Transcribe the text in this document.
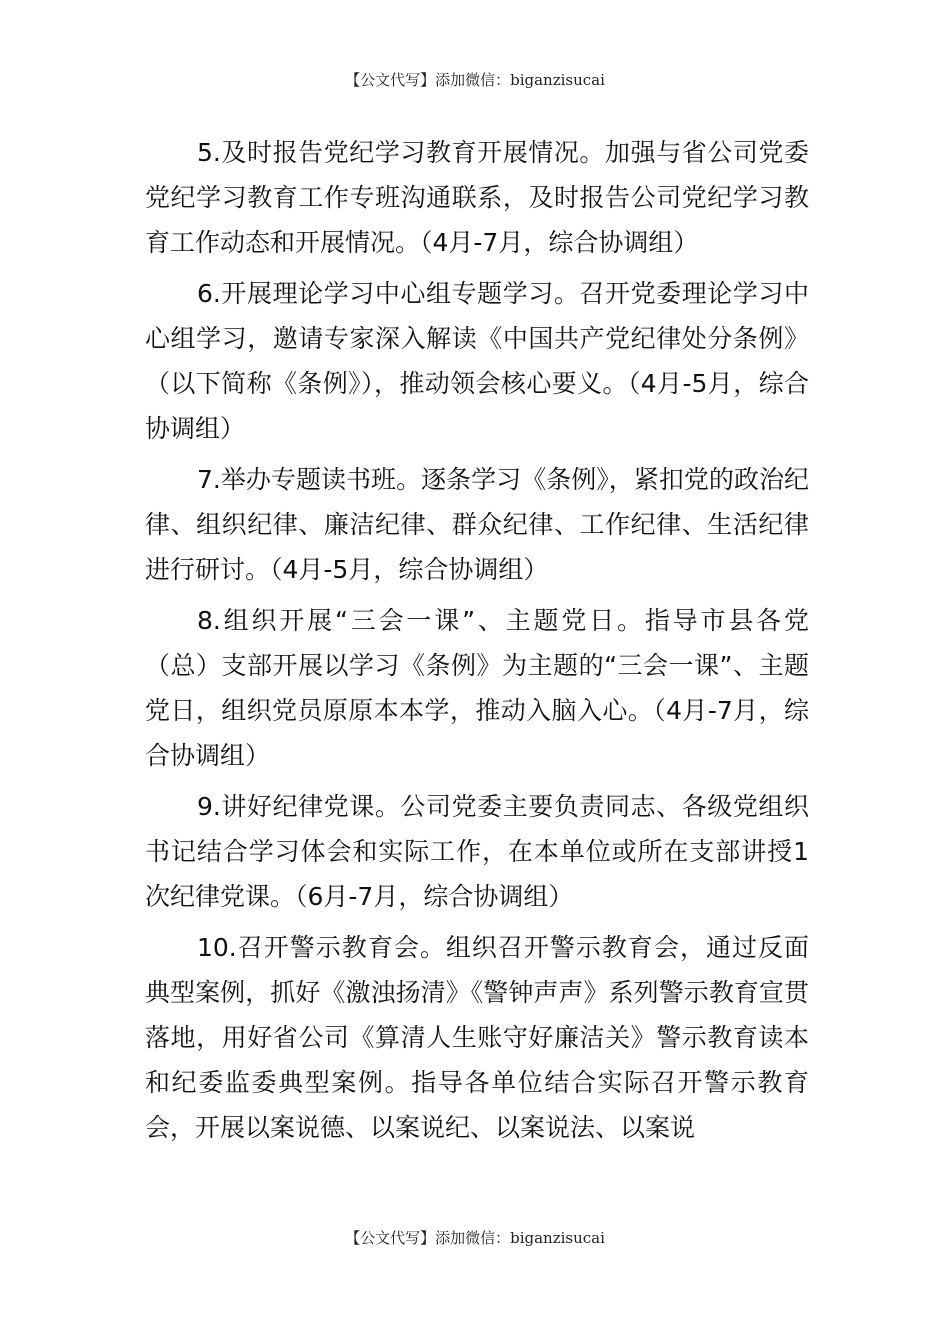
【公文代写】添加微信：biganzisucai

5.及时报告党纪学习教育开展情况。加强与省公司党委党纪学习教育工作专班沟通联系，及时报告公司党纪学习教育工作动态和开展情况。（4月-7月，综合协调组）

6.开展理论学习中心组专题学习。召开党委理论学习中心组学习，邀请专家深入解读《中国共产党纪律处分条例》（以下简称《条例》），推动领会核心要义。（4月-5月，综合协调组）

7.举办专题读书班。逐条学习《条例》，紧扣党的政治纪律、组织纪律、廉洁纪律、群众纪律、工作纪律、生活纪律进行研讨。（4月-5月，综合协调组）

8.组织开展“三会一课”、主题党日。指导市县各党（总）支部开展以学习《条例》为主题的“三会一课”、主题党日，组织党员原原本本学，推动入脑入心。（4月-7月，综合协调组）

9.讲好纪律党课。公司党委主要负责同志、各级党组织书记结合学习体会和实际工作，在本单位或所在支部讲授1次纪律党课。（6月-7月，综合协调组）

10.召开警示教育会。组织召开警示教育会，通过反面典型案例，抓好《激浊扬清》《警钟声声》系列警示教育宣贯落地，用好省公司《算清人生账守好廉洁关》警示教育读本和纪委监委典型案例。指导各单位结合实际召开警示教育会，开展以案说德、以案说纪、以案说法、以案说

【公文代写】添加微信：biganzisucai
